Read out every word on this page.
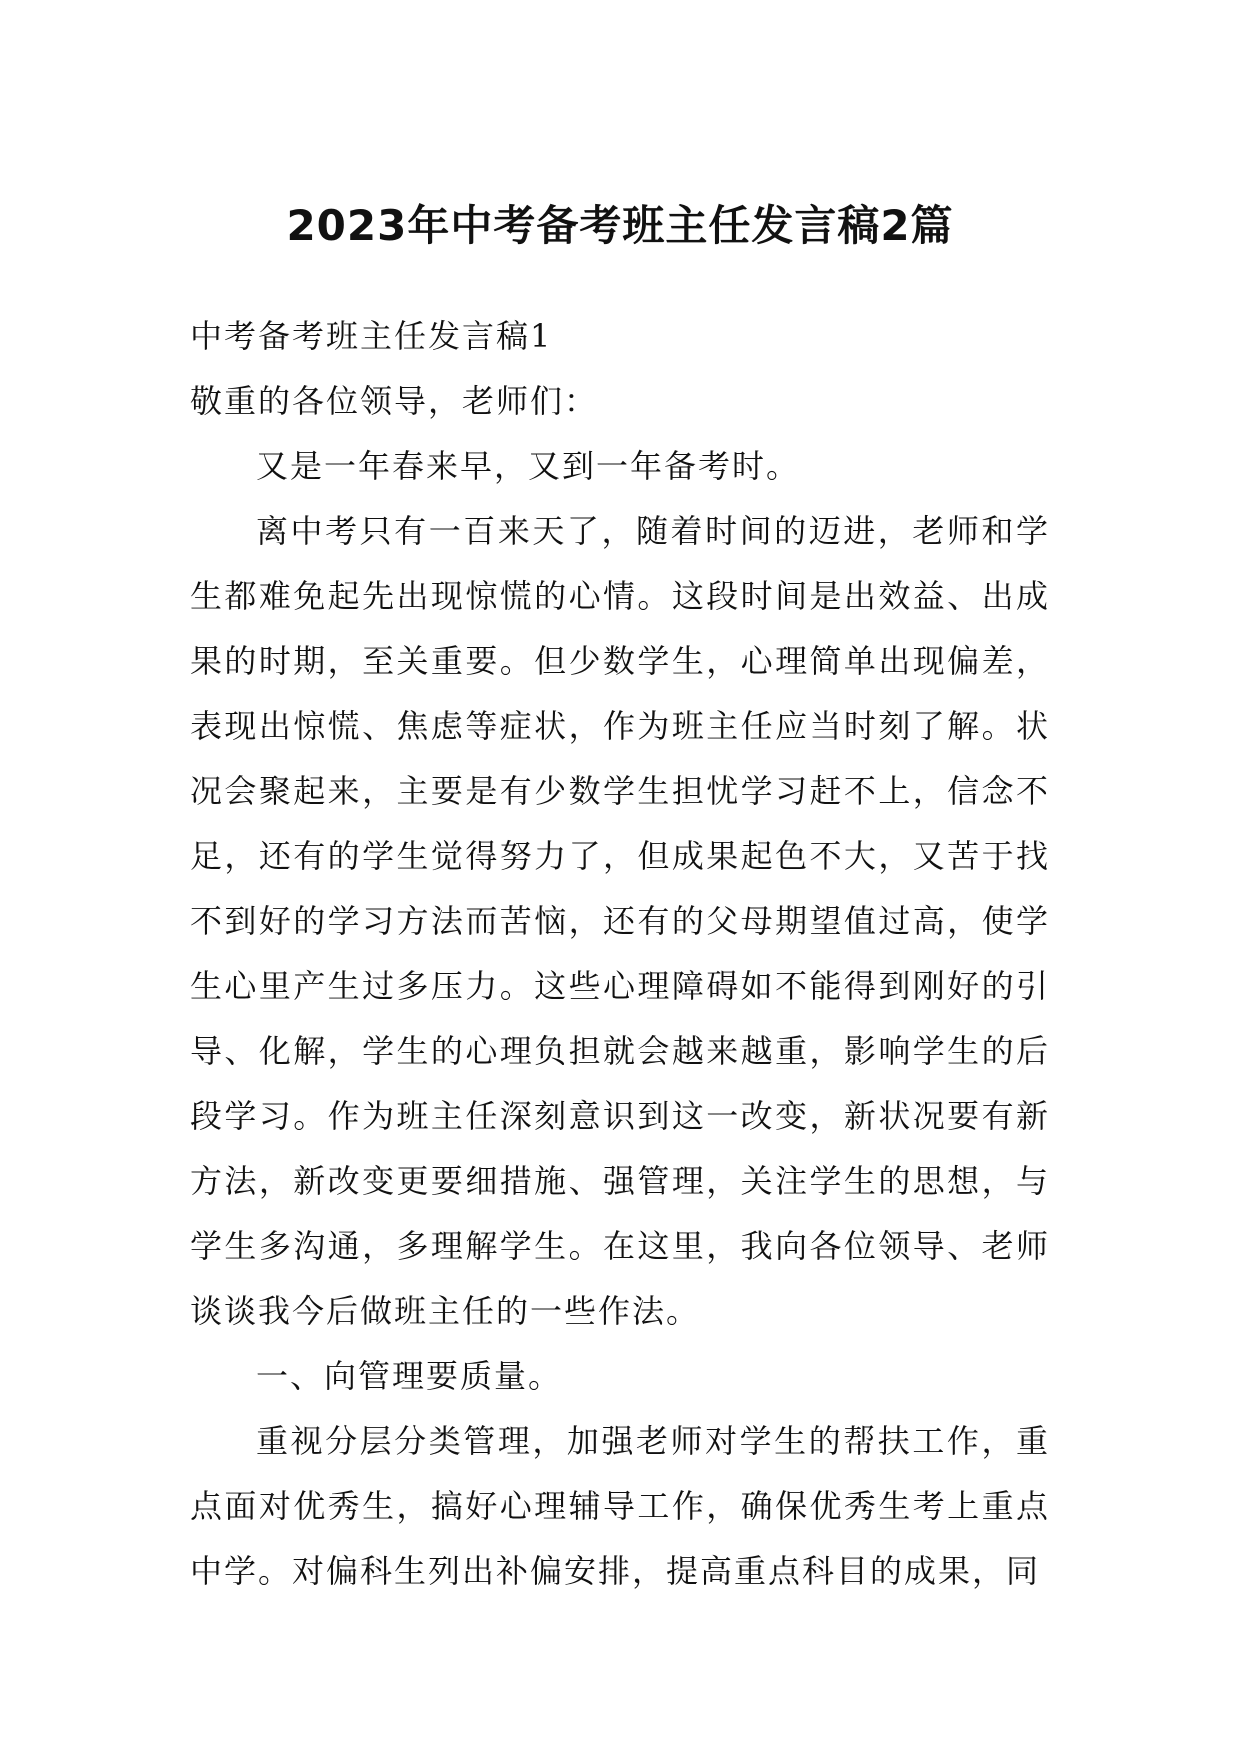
2023年中考备考班主任发言稿2篇

中考备考班主任发言稿1

敬重的各位领导，老师们：

又是一年春来早，又到一年备考时。

离中考只有一百来天了，随着时间的迈进，老师和学生都难免起先出现惊慌的心情。这段时间是出效益、出成果的时期，至关重要。但少数学生，心理简单出现偏差，表现出惊慌、焦虑等症状，作为班主任应当时刻了解。状况会聚起来，主要是有少数学生担忧学习赶不上，信念不足，还有的学生觉得努力了，但成果起色不大，又苦于找不到好的学习方法而苦恼，还有的父母期望值过高，使学生心里产生过多压力。这些心理障碍如不能得到刚好的引导、化解，学生的心理负担就会越来越重，影响学生的后段学习。作为班主任深刻意识到这一改变，新状况要有新方法，新改变更要细措施、强管理，关注学生的思想，与学生多沟通，多理解学生。在这里，我向各位领导、老师谈谈我今后做班主任的一些作法。

一、向管理要质量。

重视分层分类管理，加强老师对学生的帮扶工作，重点面对优秀生，搞好心理辅导工作，确保优秀生考上重点中学。对偏科生列出补偏安排，提高重点科目的成果，同
